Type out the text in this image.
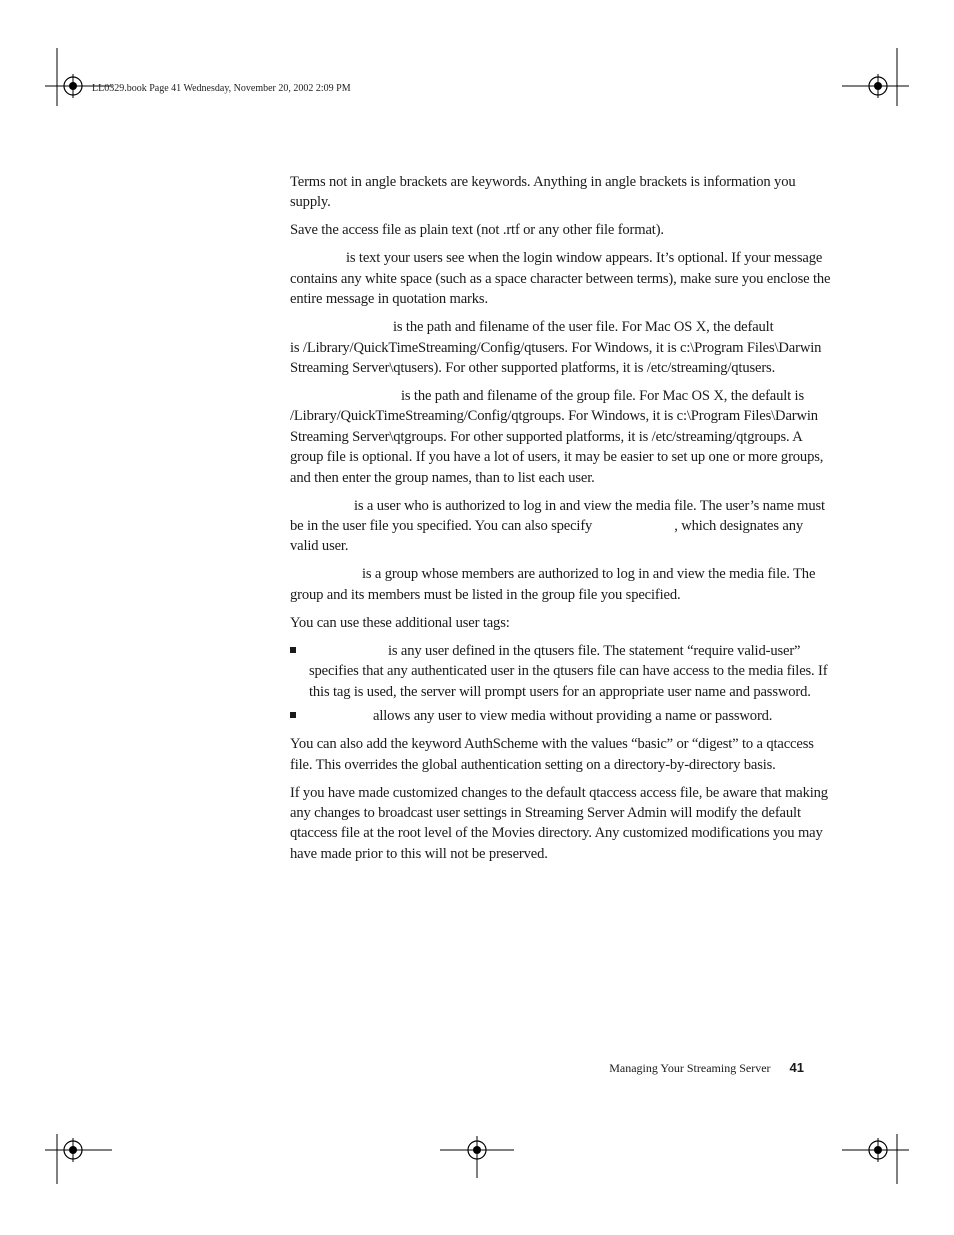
LL0329.book Page 41 Wednesday, November 20, 2002 2:09 PM

Terms not in angle brackets are keywords. Anything in angle brackets is information you supply.

Save the access file as plain text (not .rtf or any other file format).

is text your users see when the login window appears. It’s optional. If your message contains any white space (such as a space character between terms), make sure you enclose the entire message in quotation marks.

is the path and filename of the user file. For Mac OS X, the default
is /Library/QuickTimeStreaming/Config/qtusers. For Windows, it is c:\Program Files\Darwin Streaming Server\qtusers). For other supported platforms, it is /etc/streaming/qtusers.

is the path and filename of the group file. For Mac OS X, the default is /Library/QuickTimeStreaming/Config/qtgroups. For Windows, it is c:\Program Files\Darwin Streaming Server\qtgroups. For other supported platforms, it is /etc/streaming/qtgroups. A group file is optional. If you have a lot of users, it may be easier to set up one or more groups, and then enter the group names, than to list each user.

is a user who is authorized to log in and view the media file. The user’s name must be in the user file you specified. You can also specify	, which designates any valid user.

is a group whose members are authorized to log in and view the media file. The group and its members must be listed in the group file you specified.

You can use these additional user tags:

is any user defined in the qtusers file. The statement “require valid-user” specifies that any authenticated user in the qtusers file can have access to the media files. If this tag is used, the server will prompt users for an appropriate user name and password.
allows any user to view media without providing a name or password.

You can also add the keyword AuthScheme with the values “basic” or “digest” to a qtaccess file. This overrides the global authentication setting on a directory-by-directory basis.

If you have made customized changes to the default qtaccess access file, be aware that making any changes to broadcast user settings in Streaming Server Admin will modify the default qtaccess file at the root level of the Movies directory. Any customized modifications you may have made prior to this will not be preserved.

Managing Your Streaming Server 41
